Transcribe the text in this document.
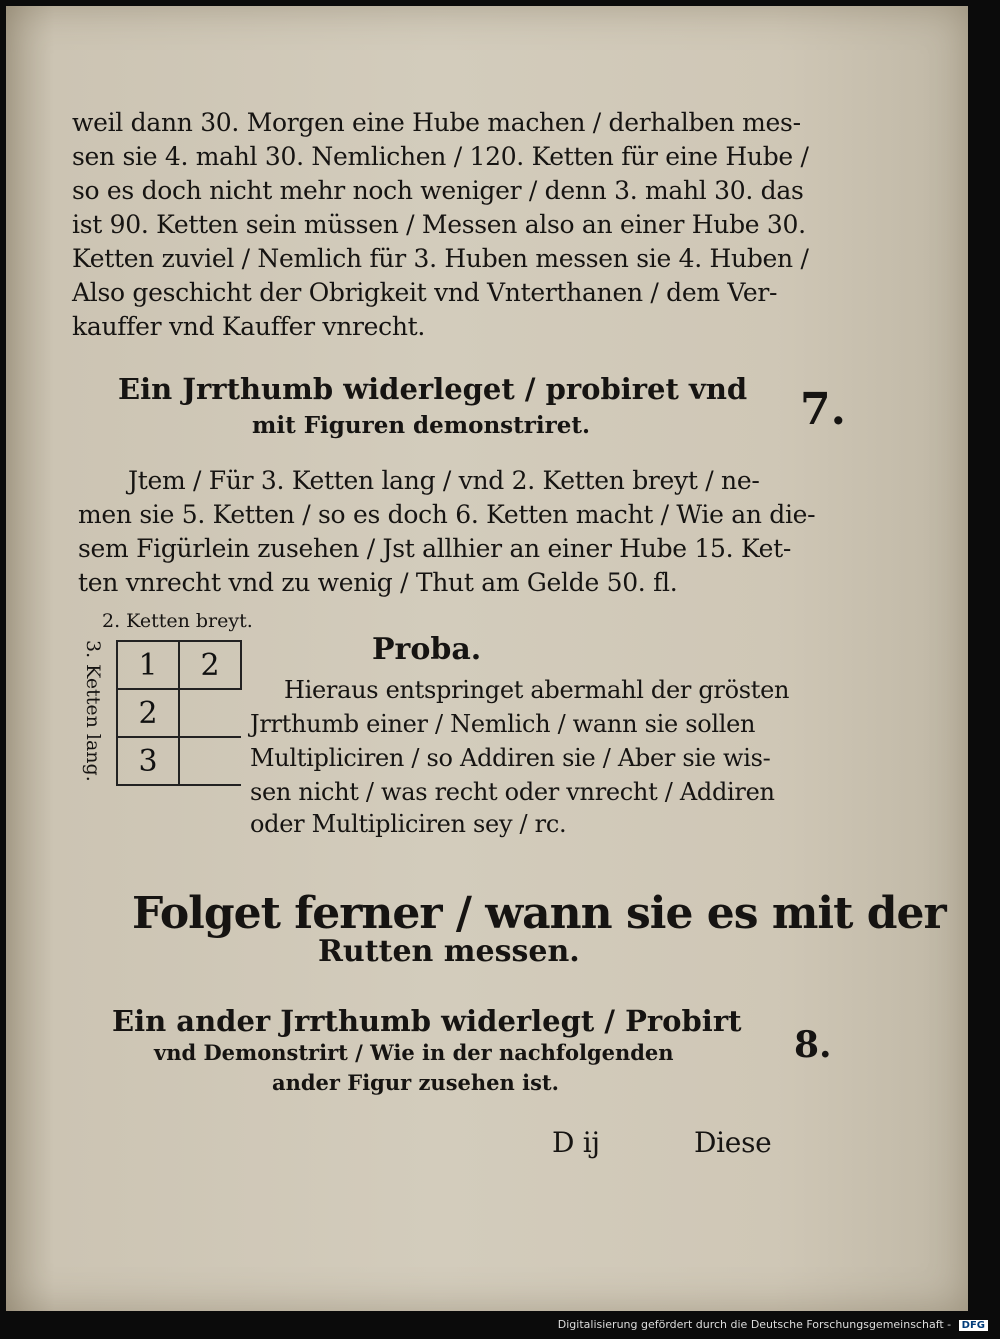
weil dann 30. Morgen eine Hube machen / derhalben mes-
sen sie 4. mahl 30. Nemlichen / 120. Ketten für eine Hube /
so es doch nicht mehr noch weniger / denn 3. mahl 30. das
ist 90. Ketten sein müssen / Messen also an einer Hube 30.
Ketten zuviel / Nemlich für 3. Huben messen sie 4. Huben /
Also geschicht der Obrigkeit vnd Vnterthanen / dem Ver-
kauffer vnd Kauffer vnrecht.
Ein Jrrthumb widerleget / probiret vnd
mit Figuren demonstriret.	7.
Jtem / Für 3. Ketten lang / vnd 2. Ketten breyt / ne-
men sie 5. Ketten / so es doch 6. Ketten macht / Wie an die-
sem Figürlein zusehen / Jst allhier an einer Hube 15. Ket-
ten vnrecht vnd zu wenig / Thut am Gelde 50. fl.
2. Ketten breyt.
3. Ketten lang. 1	2
2	
3	
Proba.
Hieraus entspringet abermahl der grösten
Jrrthumb einer / Nemlich / wann sie sollen
Multipliciren / so Addiren sie / Aber sie wis-
sen nicht / was recht oder vnrecht / Addiren
oder Multipliciren sey / rc.
Folget ferner / wann sie es mit der
Rutten messen.
Ein ander Jrrthumb widerlegt / Probirt
vnd Demonstrirt / Wie in der nachfolgenden
ander Figur zusehen ist.
8.
D ij	Diese
Digitalisierung gefördert durch die Deutsche Forschungsgemeinschaft - DFG
